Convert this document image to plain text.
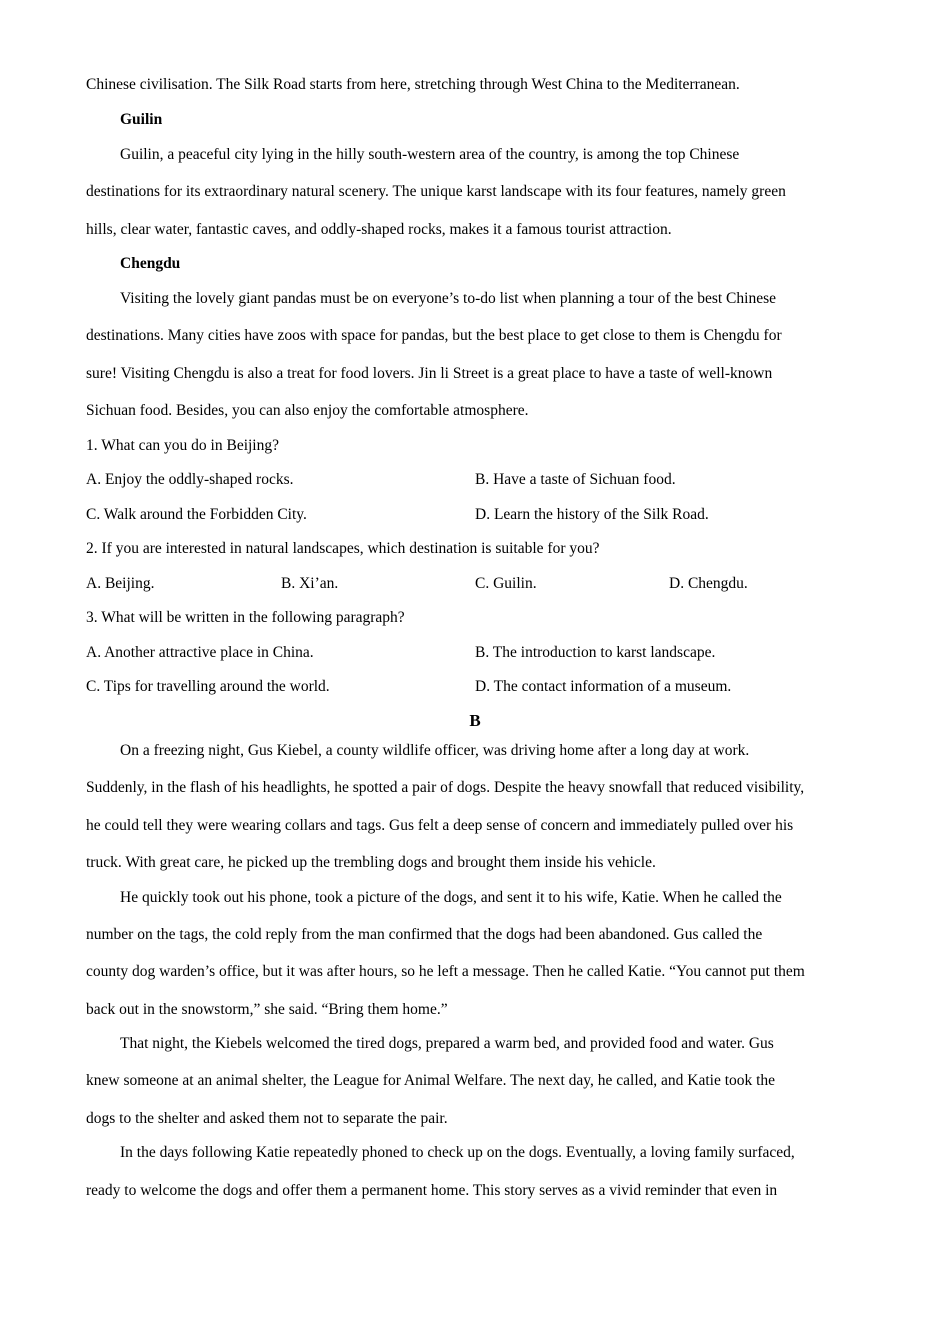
Chinese civilisation. The Silk Road starts from here, stretching through West China to the Mediterranean.
Guilin
Guilin, a peaceful city lying in the hilly south-western area of the country, is among the top Chinese
destinations for its extraordinary natural scenery. The unique karst landscape with its four features, namely green
hills, clear water, fantastic caves, and oddly-shaped rocks, makes it a famous tourist attraction.
Chengdu
Visiting the lovely giant pandas must be on everyone’s to-do list when planning a tour of the best Chinese
destinations. Many cities have zoos with space for pandas, but the best place to get close to them is Chengdu for
sure! Visiting Chengdu is also a treat for food lovers. Jin li Street is a great place to have a taste of well-known
Sichuan food. Besides, you can also enjoy the comfortable atmosphere.
1. What can you do in Beijing?
A. Enjoy the oddly-shaped rocks.	B. Have a taste of Sichuan food.
C. Walk around the Forbidden City.	D. Learn the history of the Silk Road.
2. If you are interested in natural landscapes, which destination is suitable for you?
A. Beijing.	B. Xi’an.	C. Guilin.	D. Chengdu.
3. What will be written in the following paragraph?
A. Another attractive place in China.	B. The introduction to karst landscape.
C. Tips for travelling around the world.	D. The contact information of a museum.
B
On a freezing night, Gus Kiebel, a county wildlife officer, was driving home after a long day at work.
Suddenly, in the flash of his headlights, he spotted a pair of dogs. Despite the heavy snowfall that reduced visibility,
he could tell they were wearing collars and tags. Gus felt a deep sense of concern and immediately pulled over his
truck. With great care, he picked up the trembling dogs and brought them inside his vehicle.
He quickly took out his phone, took a picture of the dogs, and sent it to his wife, Katie. When he called the
number on the tags, the cold reply from the man confirmed that the dogs had been abandoned. Gus called the
county dog warden’s office, but it was after hours, so he left a message. Then he called Katie. “You cannot put them
back out in the snowstorm,” she said. “Bring them home.”
That night, the Kiebels welcomed the tired dogs, prepared a warm bed, and provided food and water. Gus
knew someone at an animal shelter, the League for Animal Welfare. The next day, he called, and Katie took the
dogs to the shelter and asked them not to separate the pair.
In the days following Katie repeatedly phoned to check up on the dogs. Eventually, a loving family surfaced,
ready to welcome the dogs and offer them a permanent home. This story serves as a vivid reminder that even in
